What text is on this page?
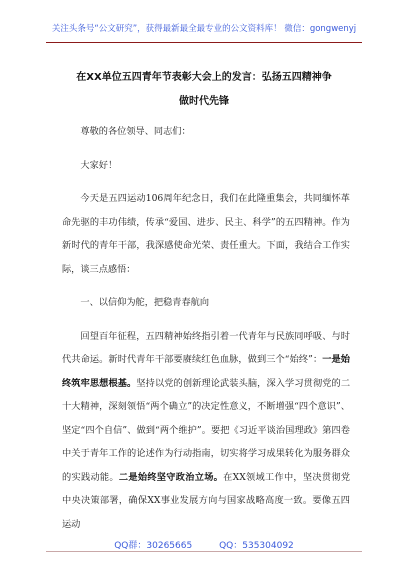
关注头条号“公文研究”，获得最新最全最专业的公文资料库！ 微信：gongwenyj
在XX单位五四青年节表彰大会上的发言：弘扬五四精神争
做时代先锋

尊敬的各位领导、同志们：

大家好！

今天是五四运动106周年纪念日，我们在此隆重集会，共同缅怀革命先驱的丰功伟绩，传承“爱国、进步、民主、科学”的五四精神。作为新时代的青年干部，我深感使命光荣、责任重大。下面，我结合工作实际，谈三点感悟：

一、以信仰为舵，把稳青春航向

回望百年征程，五四精神始终指引着一代青年与民族同呼吸、与时代共命运。新时代青年干部要赓续红色血脉，做到三个“始终”：一是始终筑牢思想根基。坚持以党的创新理论武装头脑，深入学习贯彻党的二十大精神，深刻领悟“两个确立”的决定性意义，不断增强“四个意识”、坚定“四个自信”、做到“两个维护”。要把《习近平谈治国理政》第四卷中关于青年工作的论述作为行动指南，切实将学习成果转化为服务群众的实践动能。二是始终坚守政治立场。在XX领域工作中，坚决贯彻党中央决策部署，确保XX事业发展方向与国家战略高度一致。要像五四运动

QQ群：30265665	QQ：535304092
